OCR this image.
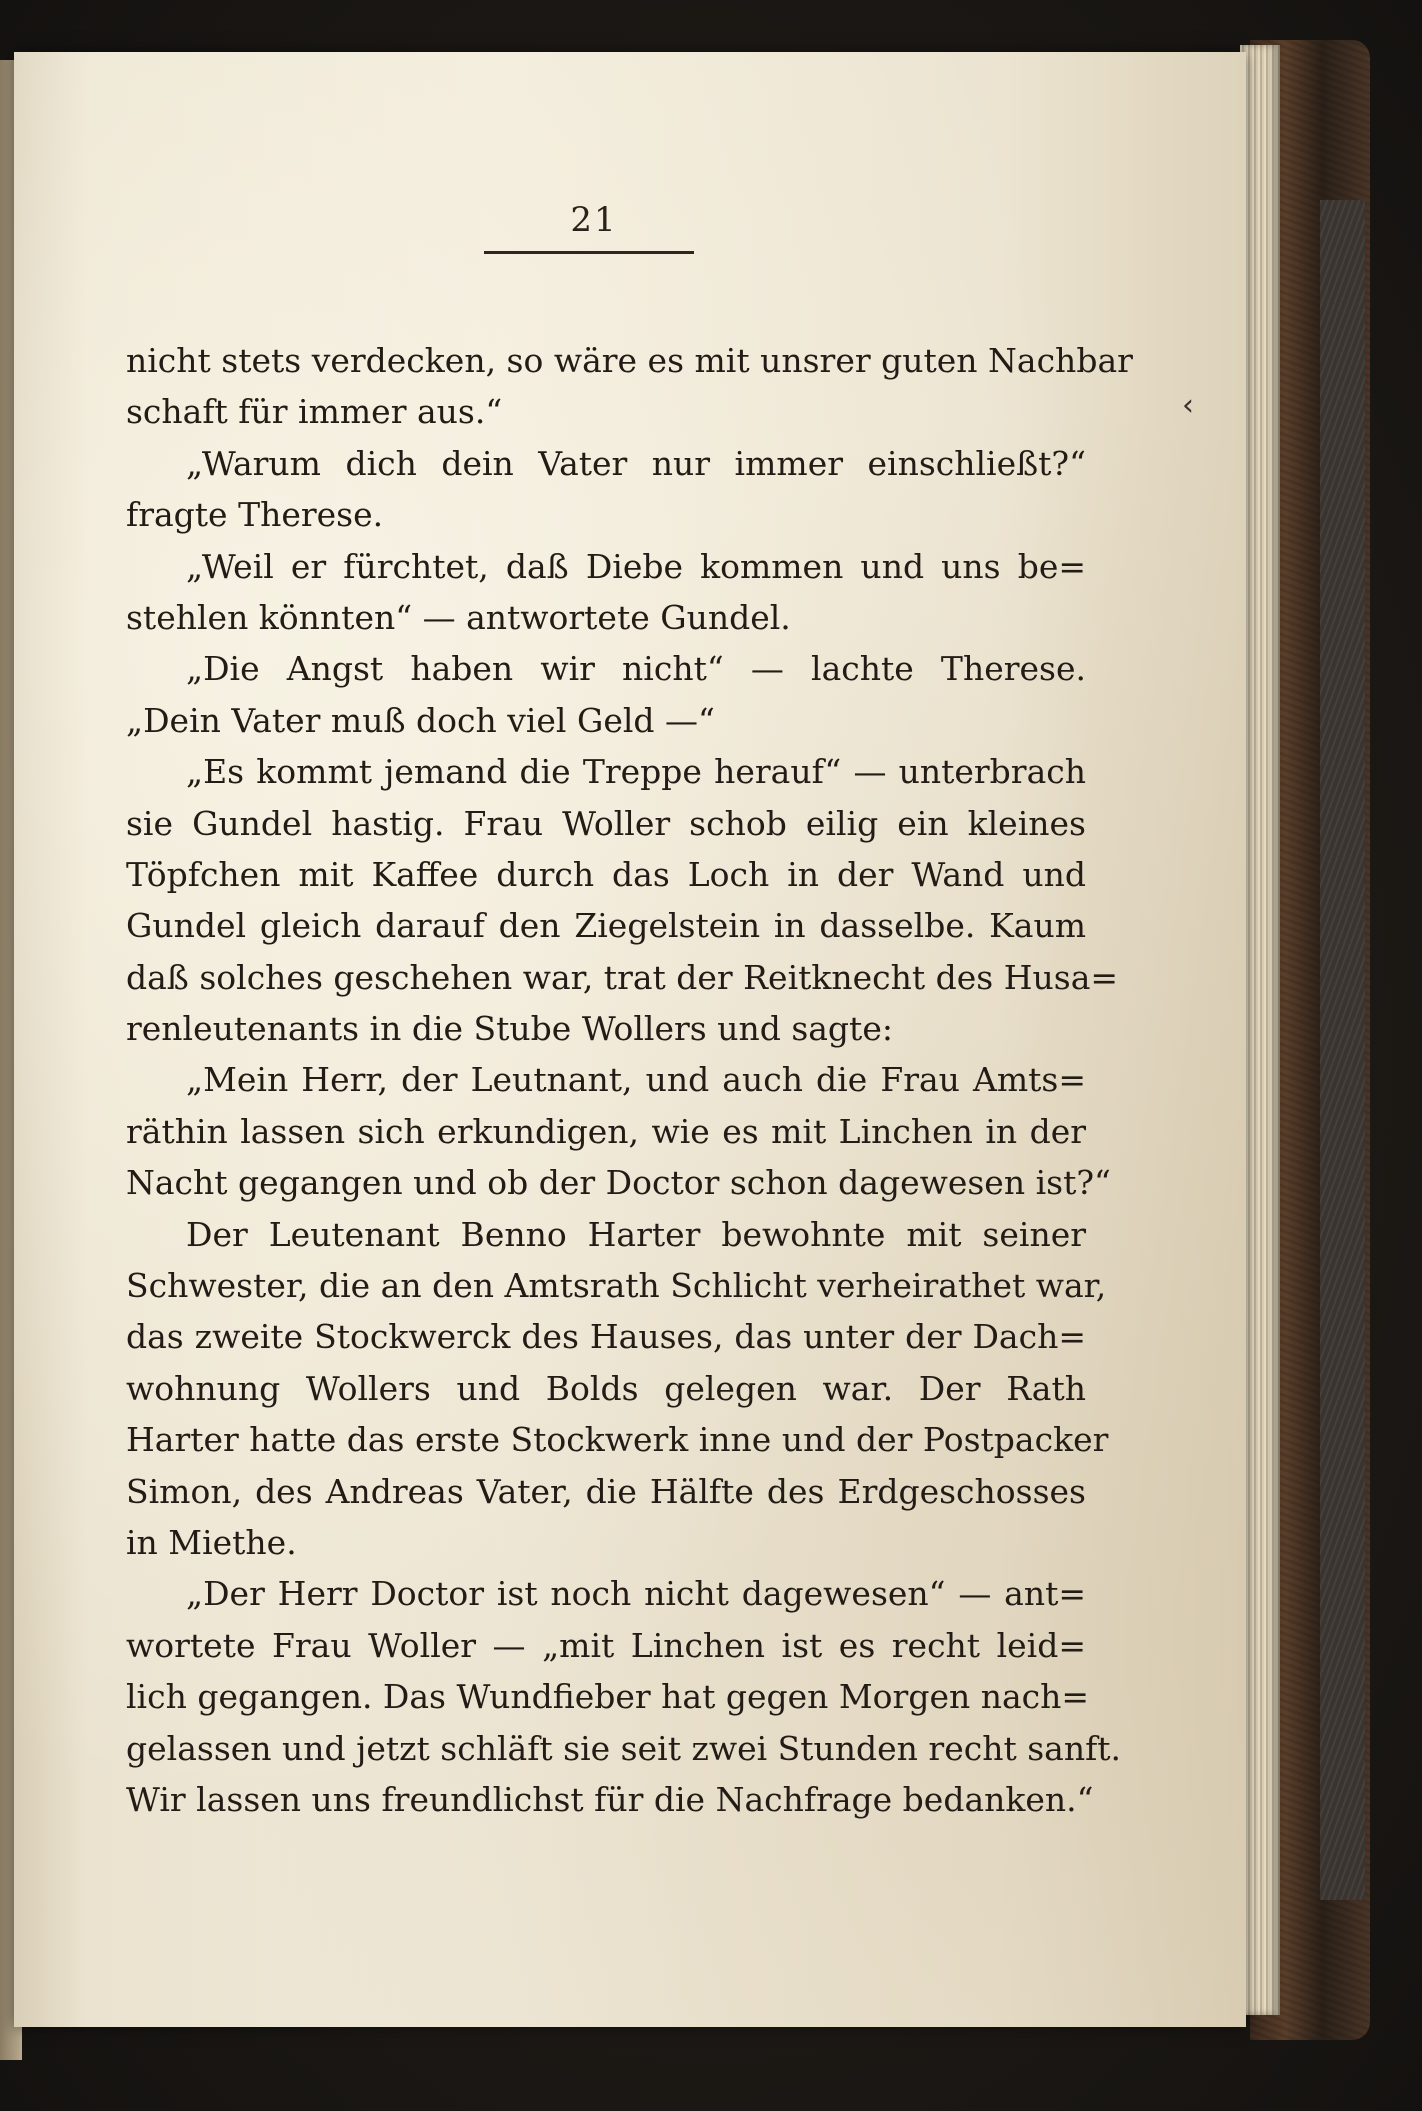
21
nicht stets verdecken, so wäre es mit unsrer guten Nachbar
schaft für immer aus.“
„Warum dich dein Vater nur immer einschließt?“
fragte Therese.
„Weil er fürchtet, daß Diebe kommen und uns be=
stehlen könnten“ — antwortete Gundel.
„Die Angst haben wir nicht“ — lachte Therese.
„Dein Vater muß doch viel Geld —“
„Es kommt jemand die Treppe herauf“ — unterbrach
sie Gundel hastig. Frau Woller schob eilig ein kleines
Töpfchen mit Kaffee durch das Loch in der Wand und
Gundel gleich darauf den Ziegelstein in dasselbe. Kaum
daß solches geschehen war, trat der Reitknecht des Husa=
renleutenants in die Stube Wollers und sagte:
„Mein Herr, der Leutnant, und auch die Frau Amts=
räthin lassen sich erkundigen, wie es mit Linchen in der
Nacht gegangen und ob der Doctor schon dagewesen ist?“
Der Leutenant Benno Harter bewohnte mit seiner
Schwester, die an den Amtsrath Schlicht verheirathet war,
das zweite Stockwerck des Hauses, das unter der Dach=
wohnung Wollers und Bolds gelegen war. Der Rath
Harter hatte das erste Stockwerk inne und der Postpacker
Simon, des Andreas Vater, die Hälfte des Erdgeschosses
in Miethe.
„Der Herr Doctor ist noch nicht dagewesen“ — ant=
wortete Frau Woller — „mit Linchen ist es recht leid=
lich gegangen. Das Wundfieber hat gegen Morgen nach=
gelassen und jetzt schläft sie seit zwei Stunden recht sanft.
Wir lassen uns freundlichst für die Nachfrage bedanken.“
‹
